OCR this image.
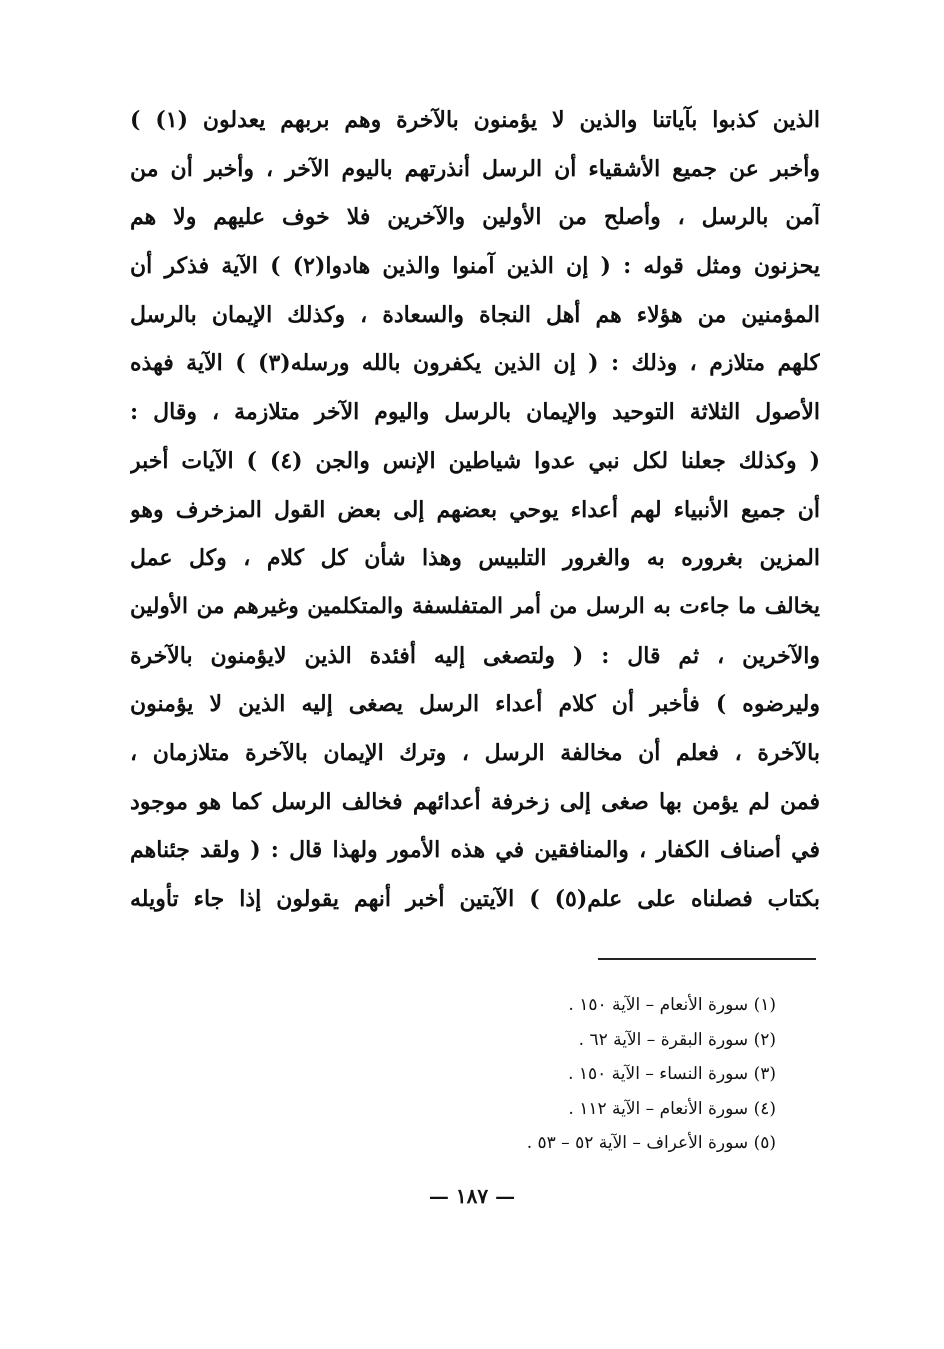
الذين كذبوا بآياتنا والذين لا يؤمنون بالآخرة وهم بربهم يعدلون (١) )
وأخبر عن جميع الأشقياء أن الرسل أنذرتهم باليوم الآخر ، وأخبر أن من
آمن بالرسل ، وأصلح من الأولين والآخرين فلا خوف عليهم ولا هم
يحزنون ومثل قوله : ( إن الذين آمنوا والذين هادوا(٢) ) الآية فذكر أن
المؤمنين من هؤلاء هم أهل النجاة والسعادة ، وكذلك الإيمان بالرسل
كلهم متلازم ، وذلك : ( إن الذين يكفرون بالله ورسله(٣) ) الآية فهذه
الأصول الثلاثة التوحيد والإيمان بالرسل واليوم الآخر متلازمة ، وقال :
( وكذلك جعلنا لكل نبي عدوا شياطين الإنس والجن (٤) ) الآيات أخبر
أن جميع الأنبياء لهم أعداء يوحي بعضهم إلى بعض القول المزخرف وهو
المزين بغروره به والغرور التلبيس وهذا شأن كل كلام ، وكل عمل
يخالف ما جاءت به الرسل من أمر المتفلسفة والمتكلمين وغيرهم من الأولين
والآخرين ، ثم قال : ( ولتصغى إليه أفئدة الذين لايؤمنون بالآخرة
وليرضوه ) فأخبر أن كلام أعداء الرسل يصغى إليه الذين لا يؤمنون
بالآخرة ، فعلم أن مخالفة الرسل ، وترك الإيمان بالآخرة متلازمان ،
فمن لم يؤمن بها صغى إلى زخرفة أعدائهم فخالف الرسل كما هو موجود
في أصناف الكفار ، والمنافقين في هذه الأمور ولهذا قال : ( ولقد جئناهم
بكتاب فصلناه على علم(٥) ) الآيتين أخبر أنهم يقولون إذا جاء تأويله
(١) سورة الأنعام – الآية ١٥٠ .
(٢) سورة البقرة – الآية ٦٢ .
(٣) سورة النساء – الآية ١٥٠ .
(٤) سورة الأنعام – الآية ١١٢ .
(٥) سورة الأعراف – الآية ٥٢ – ٥٣ .
— ١٨٧ —
